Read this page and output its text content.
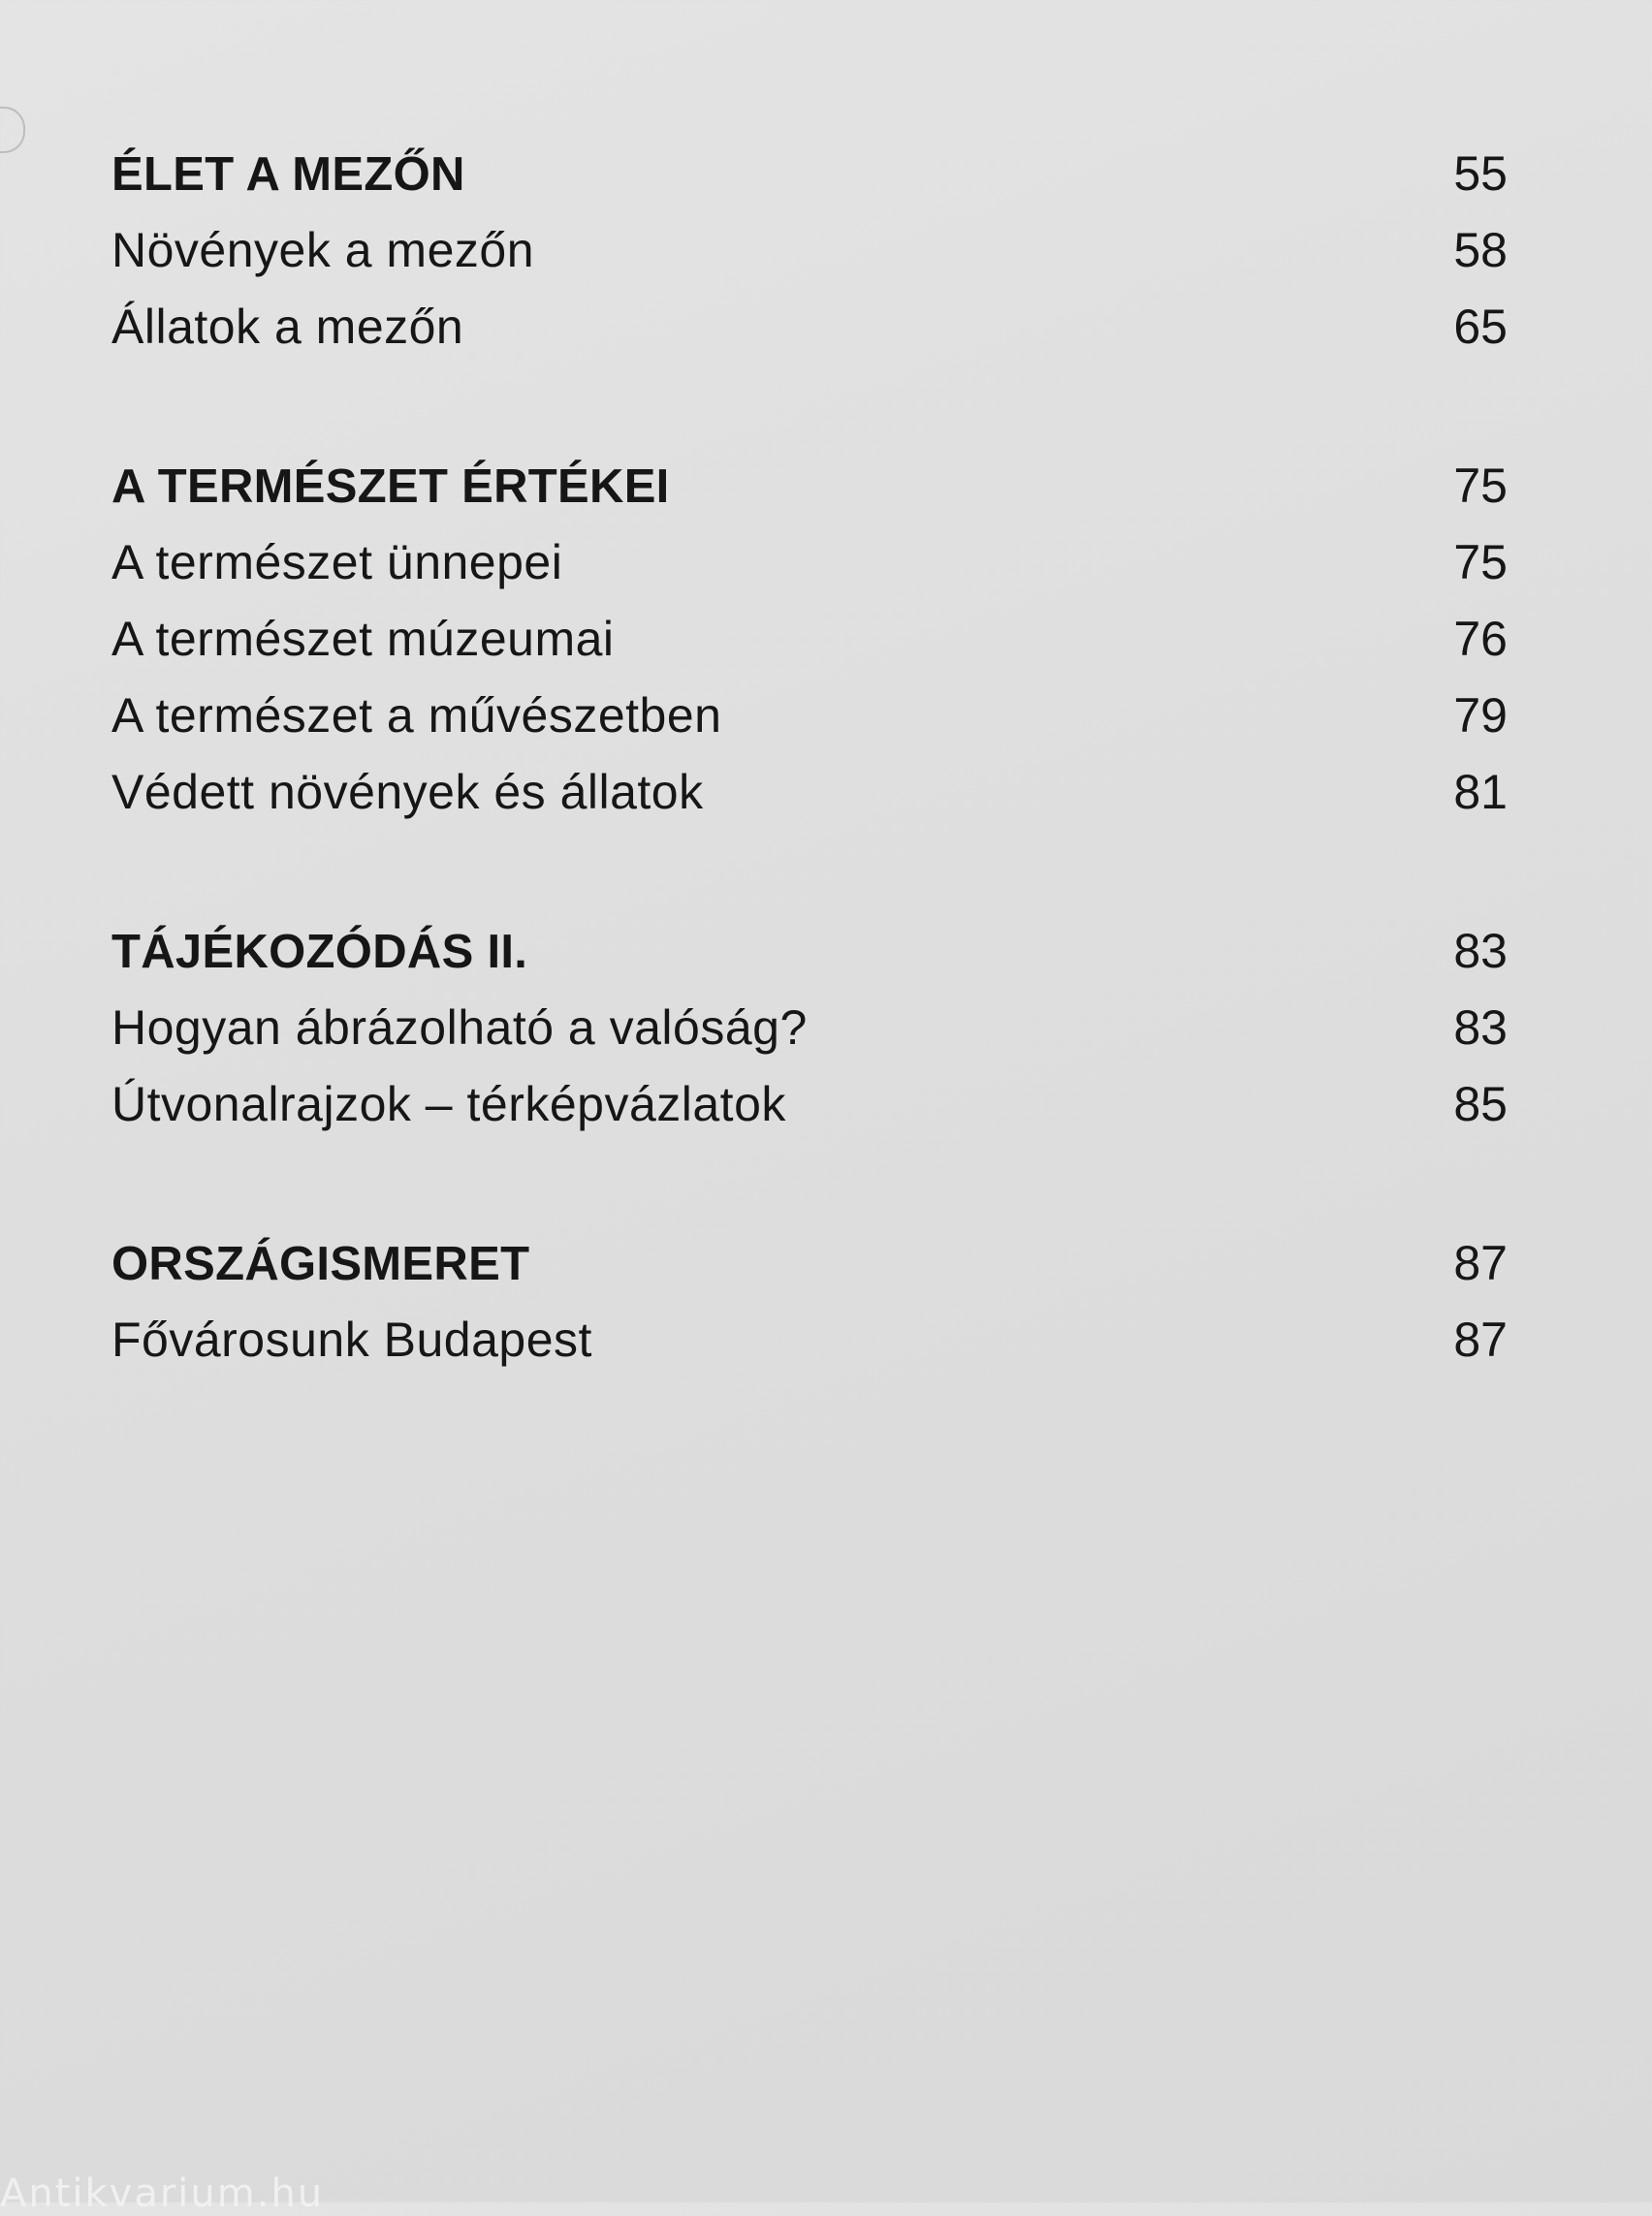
ÉLET A MEZŐN	55
Növények a mezőn	58
Állatok a mezőn	65
A TERMÉSZET ÉRTÉKEI	75
A természet ünnepei	75
A természet múzeumai	76
A természet a művészetben	79
Védett növények és állatok	81
TÁJÉKOZÓDÁS II.	83
Hogyan ábrázolható a valóság?	83
Útvonalrajzok – térképvázlatok	85
ORSZÁGISMERET	87
Fővárosunk Budapest	87
Antikvarium.hu
